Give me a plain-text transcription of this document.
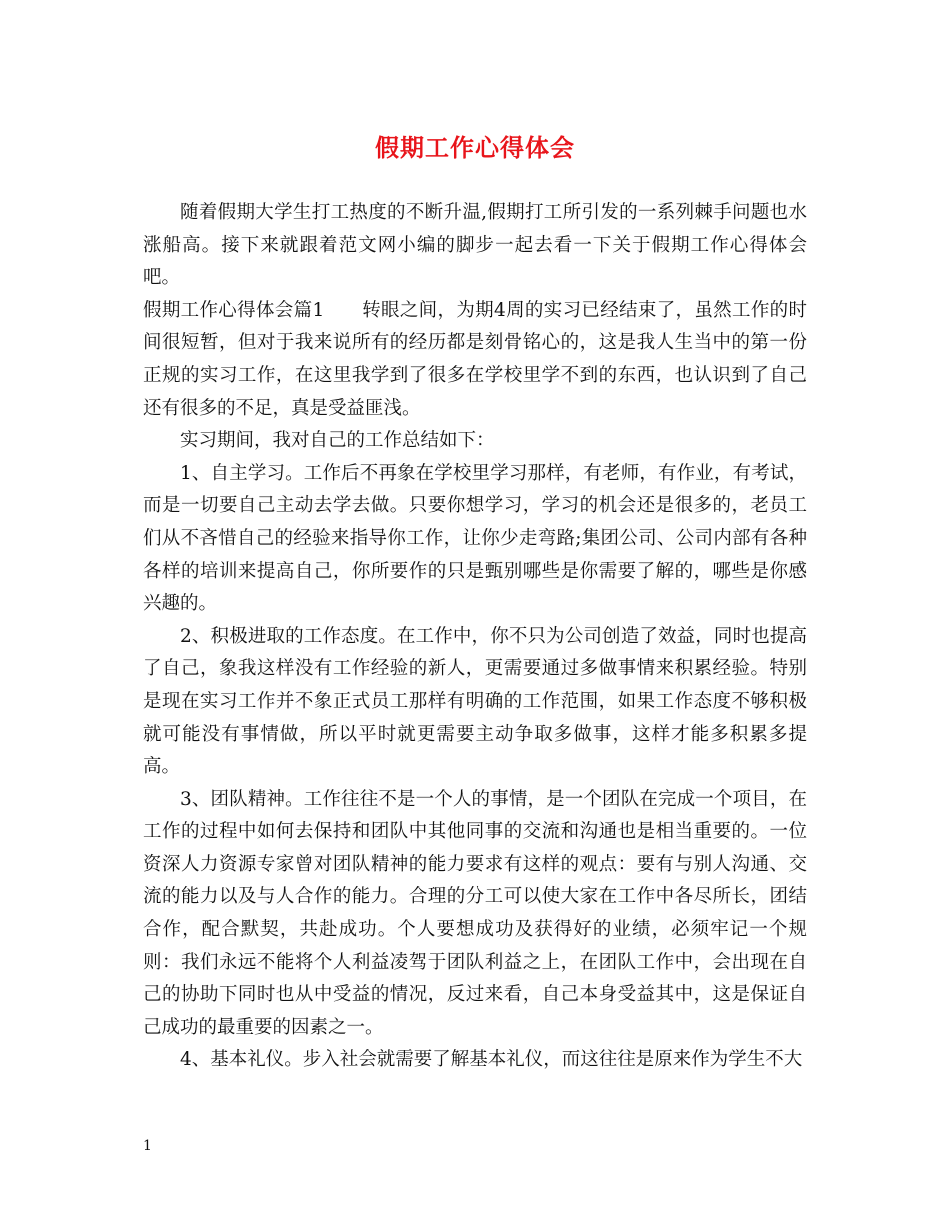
假期工作心得体会

随着假期大学生打工热度的不断升温,假期打工所引发的一系列棘手问题也水涨船高。接下来就跟着范文网小编的脚步一起去看一下关于假期工作心得体会吧。

假期工作心得体会篇1　　转眼之间，为期4周的实习已经结束了，虽然工作的时间很短暂，但对于我来说所有的经历都是刻骨铭心的，这是我人生当中的第一份正规的实习工作，在这里我学到了很多在学校里学不到的东西，也认识到了自己还有很多的不足，真是受益匪浅。

实习期间，我对自己的工作总结如下：

1、自主学习。工作后不再象在学校里学习那样，有老师，有作业，有考试，而是一切要自己主动去学去做。只要你想学习，学习的机会还是很多的，老员工们从不吝惜自己的经验来指导你工作，让你少走弯路;集团公司、公司内部有各种各样的培训来提高自己，你所要作的只是甄别哪些是你需要了解的，哪些是你感兴趣的。

2、积极进取的工作态度。在工作中，你不只为公司创造了效益，同时也提高了自己，象我这样没有工作经验的新人，更需要通过多做事情来积累经验。特别是现在实习工作并不象正式员工那样有明确的工作范围，如果工作态度不够积极就可能没有事情做，所以平时就更需要主动争取多做事，这样才能多积累多提高。

3、团队精神。工作往往不是一个人的事情，是一个团队在完成一个项目，在工作的过程中如何去保持和团队中其他同事的交流和沟通也是相当重要的。一位资深人力资源专家曾对团队精神的能力要求有这样的观点：要有与别人沟通、交流的能力以及与人合作的能力。合理的分工可以使大家在工作中各尽所长，团结合作，配合默契，共赴成功。个人要想成功及获得好的业绩，必须牢记一个规则：我们永远不能将个人利益凌驾于团队利益之上，在团队工作中，会出现在自己的协助下同时也从中受益的情况，反过来看，自己本身受益其中，这是保证自己成功的最重要的因素之一。

4、基本礼仪。步入社会就需要了解基本礼仪，而这往往是原来作为学生不大

1
